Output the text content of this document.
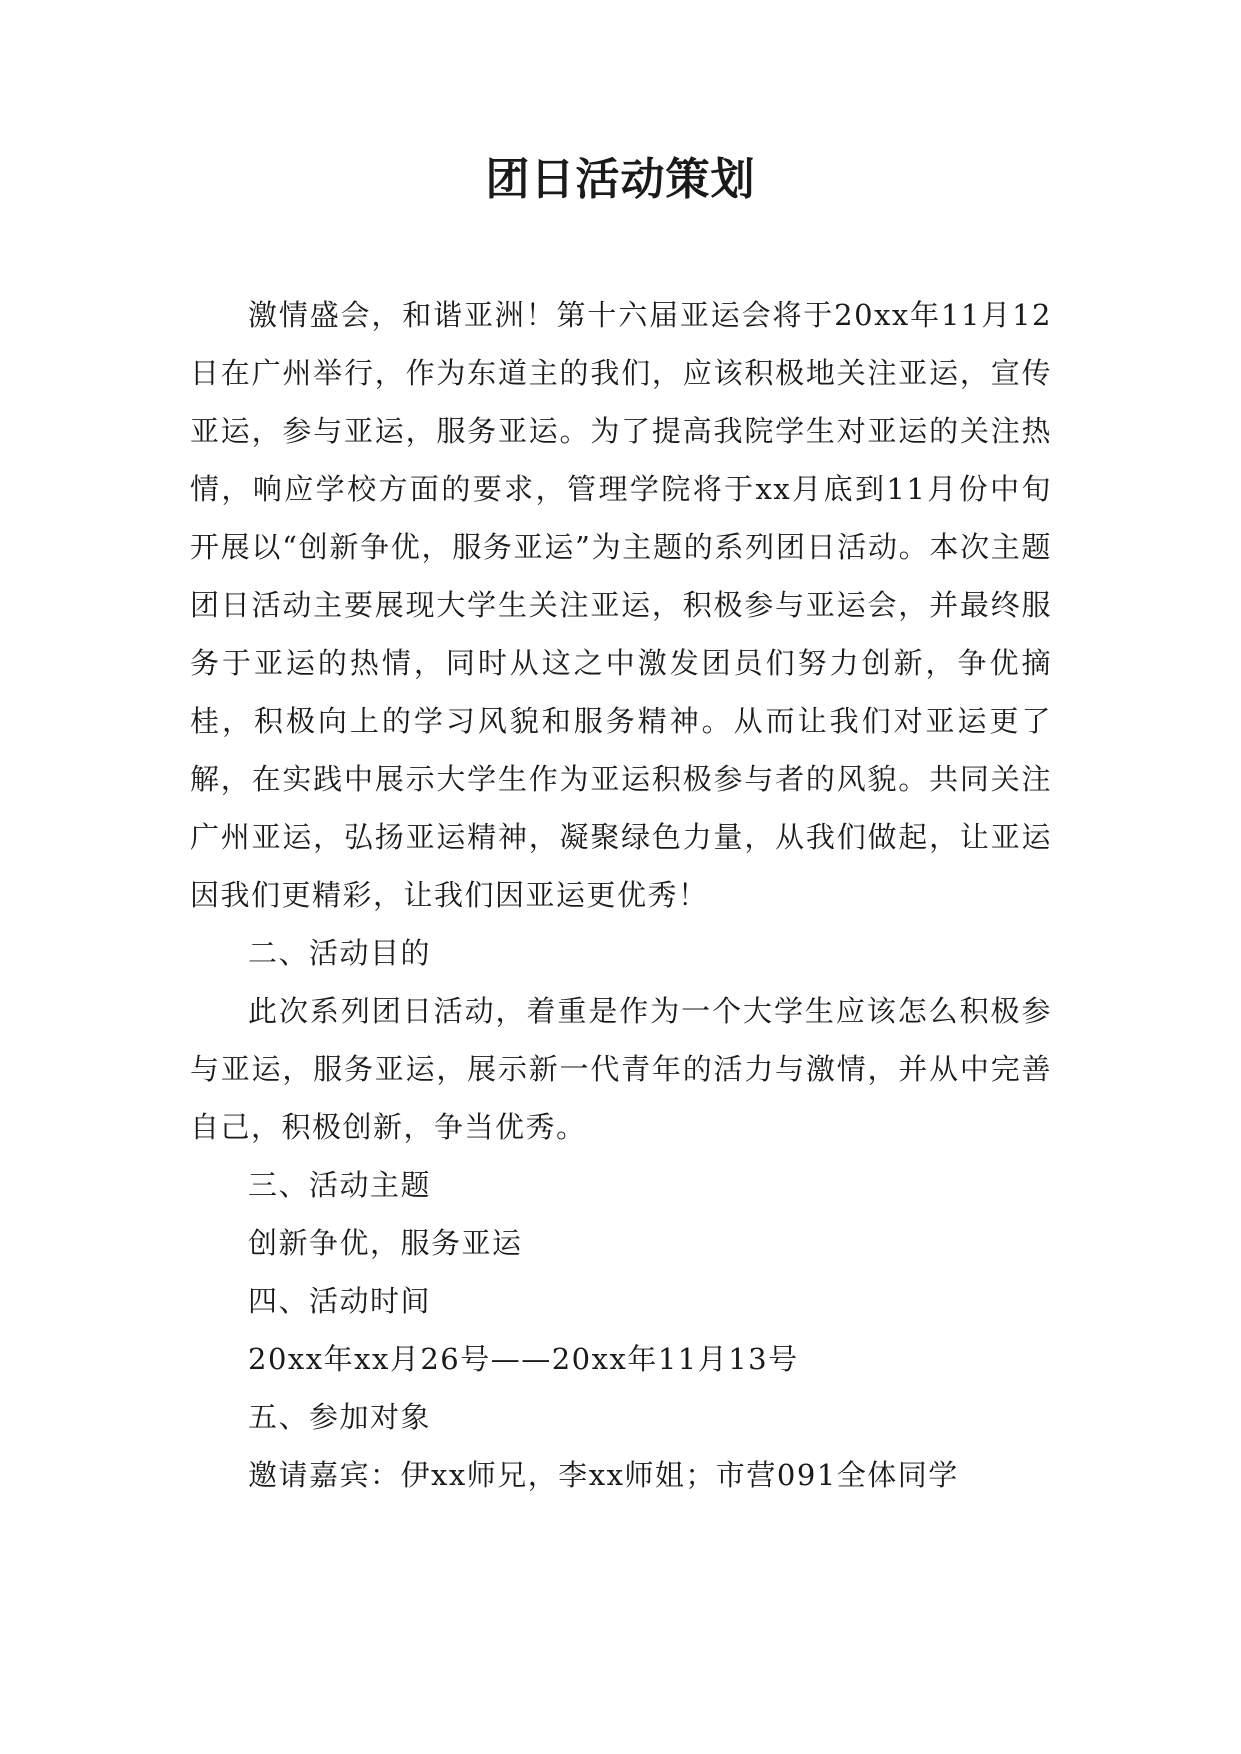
团日活动策划

激情盛会，和谐亚洲！第十六届亚运会将于20xx年11月12日在广州举行，作为东道主的我们，应该积极地关注亚运，宣传亚运，参与亚运，服务亚运。为了提高我院学生对亚运的关注热情，响应学校方面的要求，管理学院将于xx月底到11月份中旬开展以“创新争优，服务亚运”为主题的系列团日活动。本次主题团日活动主要展现大学生关注亚运，积极参与亚运会，并最终服务于亚运的热情，同时从这之中激发团员们努力创新，争优摘桂，积极向上的学习风貌和服务精神。从而让我们对亚运更了解，在实践中展示大学生作为亚运积极参与者的风貌。共同关注广州亚运，弘扬亚运精神，凝聚绿色力量，从我们做起，让亚运因我们更精彩，让我们因亚运更优秀！

二、活动目的

此次系列团日活动，着重是作为一个大学生应该怎么积极参与亚运，服务亚运，展示新一代青年的活力与激情，并从中完善自己，积极创新，争当优秀。

三、活动主题

创新争优，服务亚运

四、活动时间

20xx年xx月26号——20xx年11月13号

五、参加对象

邀请嘉宾：伊xx师兄，李xx师姐；市营091全体同学
